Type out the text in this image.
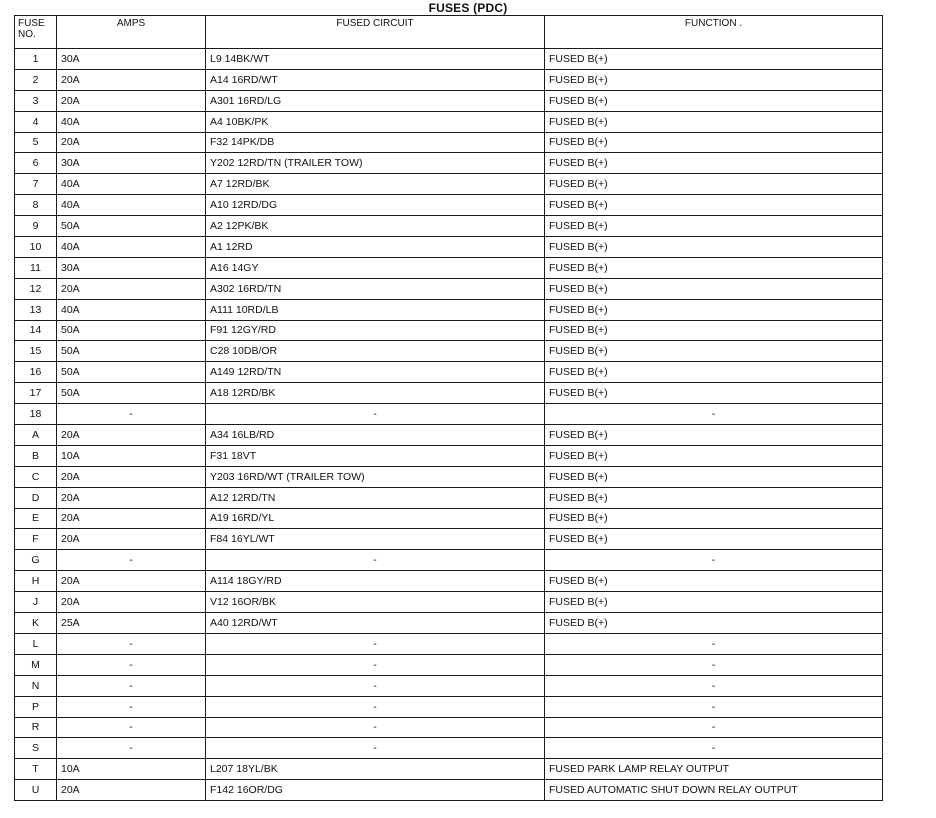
FUSES (PDC)
FUSE
NO.	AMPS	FUSED CIRCUIT	FUNCTION .
1	30A	L9 14BK/WT	FUSED B(+)
2	20A	A14 16RD/WT	FUSED B(+)
3	20A	A301 16RD/LG	FUSED B(+)
4	40A	A4 10BK/PK	FUSED B(+)
5	20A	F32 14PK/DB	FUSED B(+)
6	30A	Y202 12RD/TN (TRAILER TOW)	FUSED B(+)
7	40A	A7 12RD/BK	FUSED B(+)
8	40A	A10 12RD/DG	FUSED B(+)
9	50A	A2 12PK/BK	FUSED B(+)
10	40A	A1 12RD	FUSED B(+)
11	30A	A16 14GY	FUSED B(+)
12	20A	A302 16RD/TN	FUSED B(+)
13	40A	A111 10RD/LB	FUSED B(+)
14	50A	F91 12GY/RD	FUSED B(+)
15	50A	C28 10DB/OR	FUSED B(+)
16	50A	A149 12RD/TN	FUSED B(+)
17	50A	A18 12RD/BK	FUSED B(+)
18	-	-	-
A	20A	A34 16LB/RD	FUSED B(+)
B	10A	F31 18VT	FUSED B(+)
C	20A	Y203 16RD/WT (TRAILER TOW)	FUSED B(+)
D	20A	A12 12RD/TN	FUSED B(+)
E	20A	A19 16RD/YL	FUSED B(+)
F	20A	F84 16YL/WT	FUSED B(+)
G	-	-	-
H	20A	A114 18GY/RD	FUSED B(+)
J	20A	V12 16OR/BK	FUSED B(+)
K	25A	A40 12RD/WT	FUSED B(+)
L	-	-	-
M	-	-	-
N	-	-	-
P	-	-	-
R	-	-	-
S	-	-	-
T	10A	L207 18YL/BK	FUSED PARK LAMP RELAY OUTPUT
U	20A	F142 16OR/DG	FUSED AUTOMATIC SHUT DOWN RELAY OUTPUT
